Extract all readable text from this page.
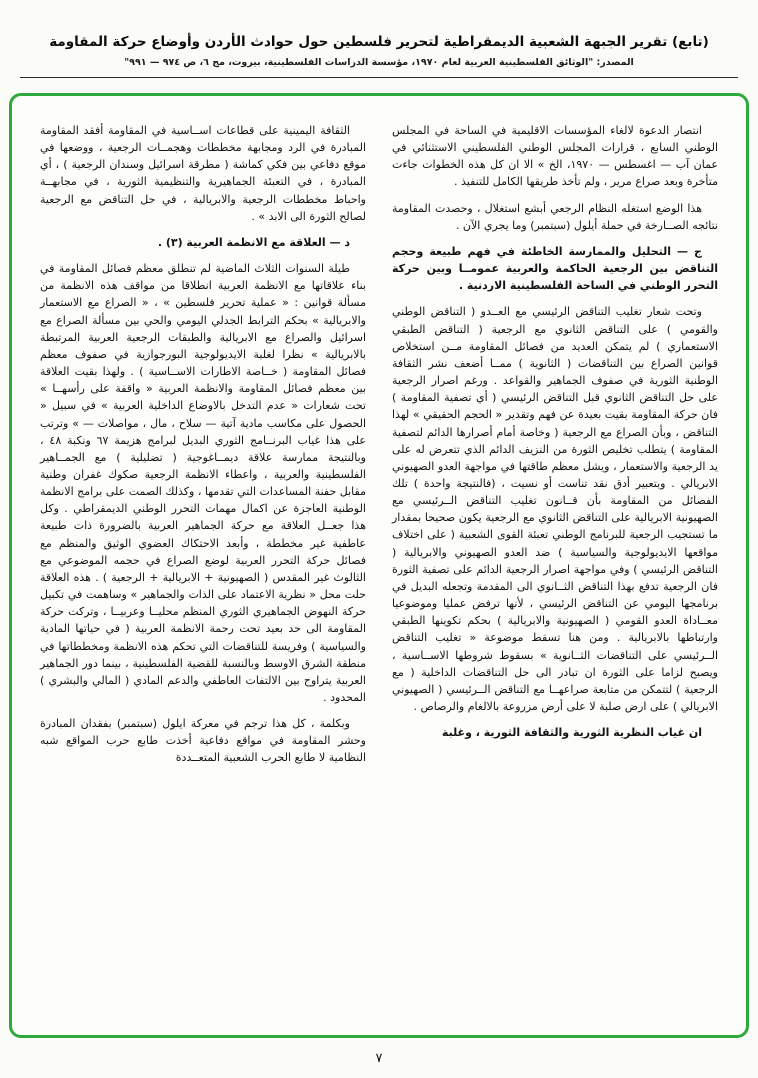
(تابع) تقرير الجبهة الشعبية الديمقراطية لتحرير فلسطين حول حوادث الأردن وأوضاع حركة المقاومة
المصدر: "الوثائق الفلسطينية العربية لعام ١٩٧٠، مؤسسة الدراسات الفلسطينية، بيروت، مج ٦، ص ٩٧٤ — ٩٩١"

انتصار الدعوة لالغاء المؤسسات الاقليمية في الساحة في المجلس الوطني السابع ، قرارات المجلس الوطني الفلسطيني الاستثنائي في عمان آب — اغسطس — ١٩٧٠، الخ » الا ان كل هذه الخطوات جاءت متأخرة وبعد صراع مرير ، ولم تأخذ طريقها الكامل للتنفيذ .

هذا الوضع استغله النظام الرجعي أبشع استغلال ، وحصدت المقاومة نتائجه الصــارخة في حملة أيلول (سبتمبر) وما يجري الآن .

ج — التحليل والممارسة الخاطئة في فهم طبيعة وحجم التناقض بين الرجعية الحاكمة والعربية عمومــا وبين حركة التحرر الوطني في الساحة الفلسطينية الاردنية .

وتحت شعار تغليب التناقض الرئيسي مع العــدو ( التناقض الوطني والقومي ) على التناقض الثانوي مع الرجعية ( التناقض الطبقي الاستعماري ) لم يتمكن العديد من فصائل المقاومة مــن استخلاص قوانين الصراع بين التناقضات ( الثانوية ) ممــا أضعف نشر الثقافة الوطنية الثورية في صفوف الجماهير والقواعد . ورغم اصرار الرجعية على حل التناقض الثانوي قبل التناقض الرئيسي ( أي تصفية المقاومة ) فان حركة المقاومة بقيت بعيدة عن فهم وتقدير « الحجم الحقيقي » لهذا التناقض ، وبأن الصراع مع الرجعية ( وخاصة أمام أصرارها الدائم لتصفية المقاومة ) يتطلب تخليص الثورة من النزيف الدائم الذي تتعرض له على يد الرجعية والاستعمار ، ويشل معظم طاقتها في مواجهة العدو الصهيوني الابريالي . وبتعبير أدق نقد تناست أو نسيت ، (فالنتيجة واحدة ) تلك الفصائل من المقاومة بأن قــانون تغليب التناقض الــرئيسي مع الصهيونية الابريالية على التناقض الثانوي مع الرجعية يكون صحيحا بمقدار ما تستجيب الرجعية للبرنامج الوطني تعبئة القوى الشعبية ( على اختلاف مواقعها الايديولوجية والسياسية ) ضد العدو الصهيوني والابريالية ( التناقض الرئيسي ) وفي مواجهة اصرار الرجعية الدائم على تصفية الثورة فان الرجعية تدفع بهذا التناقض الثــانوي الى المقدمة وتجعله البديل في برنامجها اليومي عن التناقض الرئيسي ، لأنها ترفض عمليا وموضوعيا معــاداة العدو القومي ( الصهيونية والابريالية ) بحكم تكوينها الطبقي وارتباطها بالابريالية . ومن هنا تسقط موضوعة « تغليب التناقض الــرئيسي على التناقضات الثــانوية » بسقوط شروطها الاســاسية ، ويصبح لزاما على الثورة ان تبادر الى حل التناقضات الداخلية ( مع الرجعية ) لتتمكن من متابعة صراعهــا مع التناقض الــرئيسي ( الصهيوني الابريالي ) على ارض صلبة لا على أرض مزروعة بالالغام والرصاص .

ان غياب النظرية الثورية والثقافة الثورية ، وغلبة

الثقافة اليمينية على قطاعات اســاسية في المقاومة أفقد المقاومة المبادرة في الرد ومجابهة مخططات وهجمــات الرجعية ، ووضعها في موقع دفاعي بين فكي كماشة ( مطرقة اسرائيل وسندان الرجعية ) ، أي المبادرة ، في التعبئة الجماهيرية والتنظيمية الثورية ، في مجابهــة واحباط مخططات الرجعية والابريالية ، في حل التناقض مع الرجعية لصالح الثورة الى الابد » .

د — العلاقة مع الانظمة العربية (٣) .

طيلة السنوات الثلاث الماضية لم تنطلق معظم فصائل المقاومة في بناء علاقاتها مع الانظمة العربية انطلاقا من مواقف هذه الانظمة من مسألة قوانين : « عملية تحرير فلسطين » ، « الصراع مع الاستعمار والابريالية » بحكم الترابط الجدلي اليومي والحي بين مسألة الصراع مع اسرائيل والصراع مع الابريالية والطبقات الرجعية العربية المرتبطة بالابريالية » نظرا لغلبة الايديولوجية البورجوازية في صفوف معظم فصائل المقاومة ( خــاصة الاطارات الاســاسية ) . ولهذا بقيت العلاقة بين معظم فصائل المقاومة والانظمة العربية « واقفة على رأسهــا » تحت شعارات « عدم التدخل بالاوضاع الداخلية العربية » في سبيل « الحصول على مكاسب مادية آتية — سلاح ، مال ، مواصلات — » وترتب على هذا غياب البرنــامج الثوري البديل لبرامج هزيمة ٦٧ ونكبة ٤٨ ، وبالنتيجة ممارسة علاقة ديمــاغوجية ( تضليلية ) مع الجمــاهير الفلسطينية والعربية ، واعطاء الانظمة الرجعية صكوك غفران وطنية مقابل حفنة المساعدات التي تقدمها ، وكذلك الصمت على برامج الانظمة الوطنية العاجزة عن اكمال مهمات التحرر الوطني الديمقراطي . وكل هذا جعــل العلاقة مع حركة الجماهير العربية بالضرورة ذات طبيعة عاطفية غير مخططة ، وأبعد الاحتكاك العضوي الوثيق والمنظم مع فصائل حركة التحرر العربية لوضع الصراع في حجمه الموضوعي مع الثالوث غير المقدس ( الصهيونية + الابريالية + الرجعية ) . هذه العلاقة حلت محل « نظرية الاعتماد على الذات والجماهير » وساهمت في تكبيل حركة النهوض الجماهيري الثوري المنظم محليــا وعربيــا ، وتركت حركة المقاومة الى حد بعيد تحت رحمة الانظمة العربية ( في حياتها المادية والسياسية ) وفريسة للتناقضات التي تحكم هذه الانظمة ومخططاتها في منطقة الشرق الاوسط وبالنسبة للقضية الفلسطينية ، بينما دور الجماهير العربية يتراوح بين الالتفات العاطفي والدعم المادي ( المالي والبشري ) المحدود .

وبكلمة ، كل هذا ترجم في معركة ايلول (سبتمبر) بفقدان المبادرة وحشر المقاومة في مواقع دفاعية أخذت طابع حرب المواقع شبه النظامية لا طابع الحرب الشعبية المتعــددة

٧
